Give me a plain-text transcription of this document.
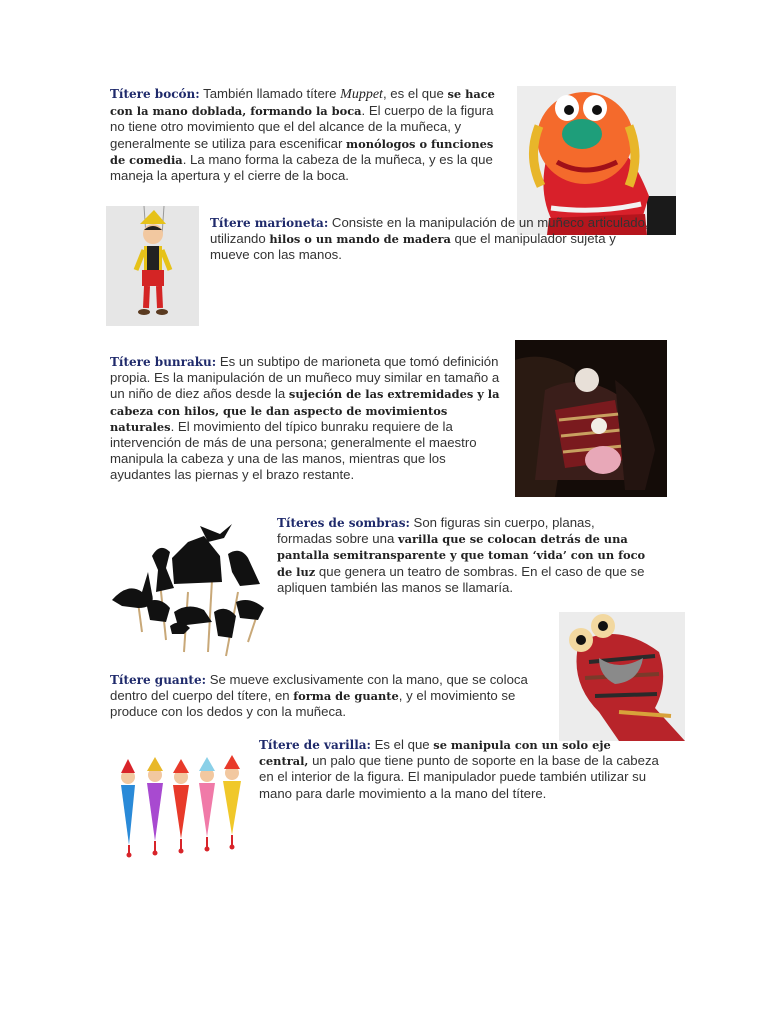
Títere bocón: También llamado títere Muppet, es el que se hace con la mano doblada, formando la boca. El cuerpo de la figura no tiene otro movimiento que el del alcance de la muñeca, y generalmente se utiliza para escenificar monólogos o funciones de comedia. La mano forma la cabeza de la muñeca, y es la que maneja la apertura y el cierre de la boca.

Títere marioneta: Consiste en la manipulación de un muñeco articulado, utilizando hilos o un mando de madera que el manipulador sujeta y mueve con las manos.

Títere bunraku: Es un subtipo de marioneta que tomó definición propia. Es la manipulación de un muñeco muy similar en tamaño a un niño de diez años desde la sujeción de las extremidades y la cabeza con hilos, que le dan aspecto de movimientos naturales. El movimiento del típico bunraku requiere de la intervención de más de una persona; generalmente el maestro manipula la cabeza y una de las manos, mientras que los ayudantes las piernas y el brazo restante.

Títeres de sombras: Son figuras sin cuerpo, planas, formadas sobre una varilla que se colocan detrás de una pantalla semitransparente y que toman ‘vida’ con un foco de luz que genera un teatro de sombras. En el caso de que se apliquen también las manos se llamaría.

Títere guante: Se mueve exclusivamente con la mano, que se coloca dentro del cuerpo del títere, en forma de guante, y el movimiento se produce con los dedos y con la muñeca.

Títere de varilla: Es el que se manipula con un solo eje central, un palo que tiene punto de soporte en la base de la cabeza en el interior de la figura. El manipulador puede también utilizar su mano para darle movimiento a la mano del títere.
